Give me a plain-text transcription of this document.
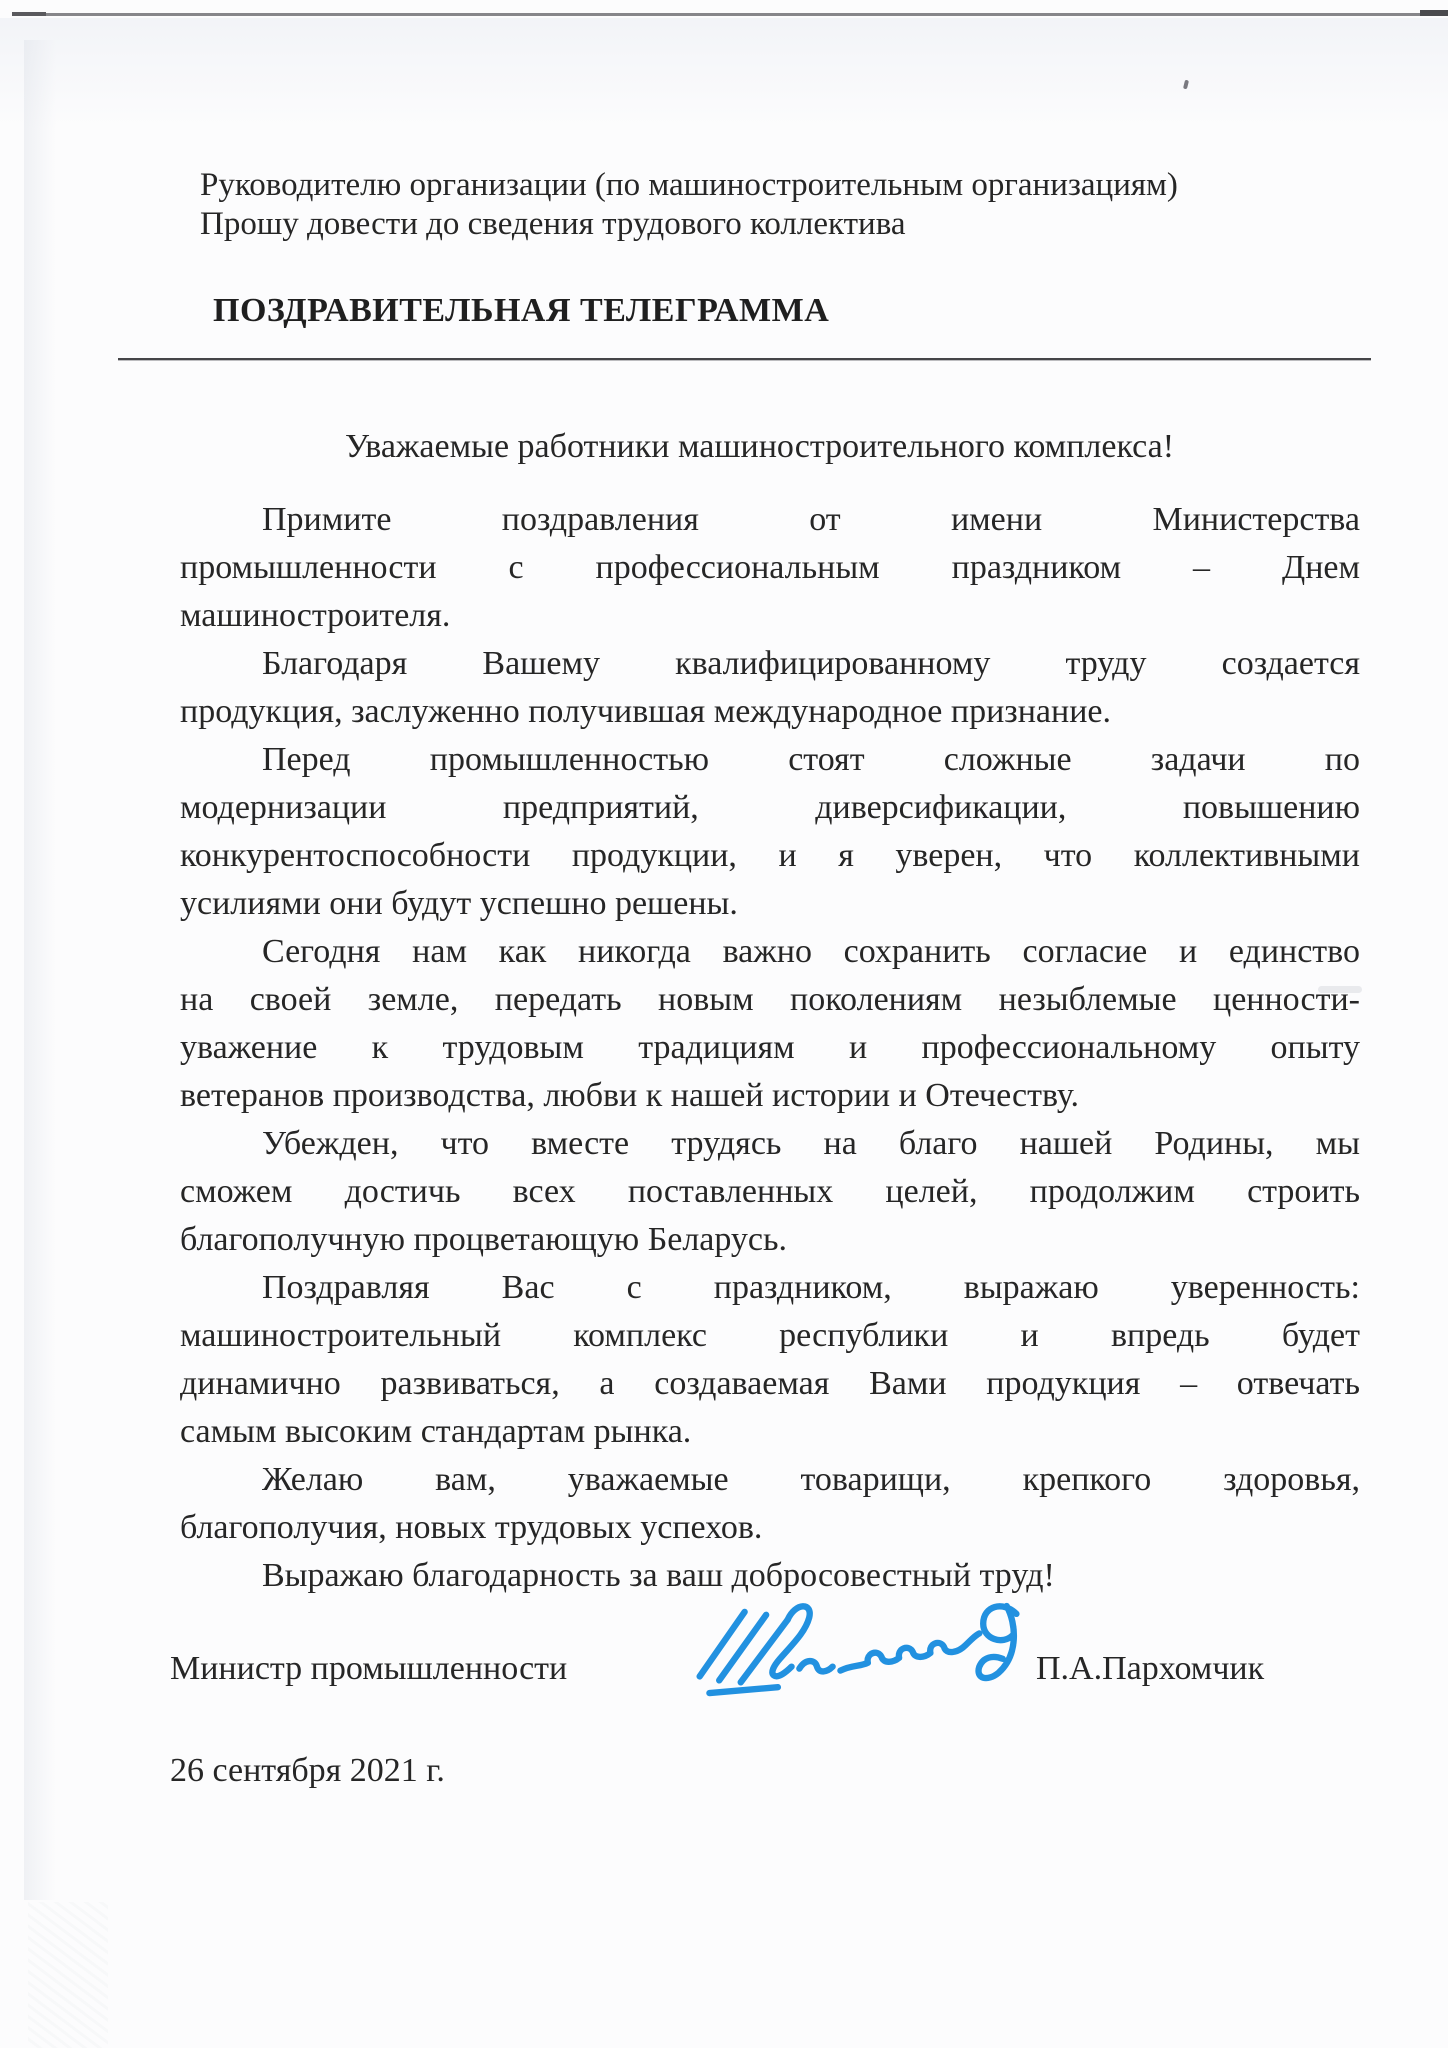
Руководителю организации (по машиностроительным организациям)
Прошу довести до сведения трудового коллектива
ПОЗДРАВИТЕЛЬНАЯ ТЕЛЕГРАММА
Уважаемые работники машиностроительного комплекса!
Примите поздравления от имени Министерства
промышленности с профессиональным праздником – Днем
машиностроителя.
Благодаря Вашему квалифицированному труду создается
продукция, заслуженно получившая международное признание.
Перед промышленностью стоят сложные задачи по
модернизации предприятий, диверсификации, повышению
конкурентоспособности продукции, и я уверен, что коллективными
усилиями они будут успешно решены.
Сегодня нам как никогда важно сохранить согласие и единство
на своей земле, передать новым поколениям незыблемые ценности-
уважение к трудовым традициям и профессиональному опыту
ветеранов производства, любви к нашей истории и Отечеству.
Убежден, что вместе трудясь на благо нашей Родины, мы
сможем достичь всех поставленных целей, продолжим строить
благополучную процветающую Беларусь.
Поздравляя Вас с праздником, выражаю уверенность:
машиностроительный комплекс республики и впредь будет
динамично развиваться, а создаваемая Вами продукция – отвечать
самым высоким стандартам рынка.
Желаю вам, уважаемые товарищи, крепкого здоровья,
благополучия, новых трудовых успехов.
Выражаю благодарность за ваш добросовестный труд!
Министр промышленности	П.А.Пархомчик
26 сентября 2021 г.
